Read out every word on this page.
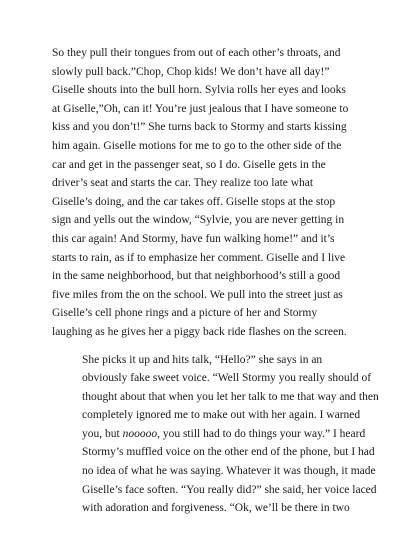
So they pull their tongues from out of each other’s throats, and
slowly pull back.”Chop, Chop kids! We don’t have all day!”
Giselle shouts into the bull horn. Sylvia rolls her eyes and looks
at Giselle,”Oh, can it! You’re just jealous that I have someone to
kiss and you don’t!” She turns back to Stormy and starts kissing
him again. Giselle motions for me to go to the other side of the
car and get in the passenger seat, so I do. Giselle gets in the
driver’s seat and starts the car. They realize too late what
Giselle’s doing, and the car takes off. Giselle stops at the stop
sign and yells out the window, “Sylvie, you are never getting in
this car again! And Stormy, have fun walking home!” and it’s
starts to rain, as if to emphasize her comment. Giselle and I live
in the same neighborhood, but that neighborhood’s still a good
five miles from the on the school. We pull into the street just as
Giselle’s cell phone rings and a picture of her and Stormy
laughing as he gives her a piggy back ride flashes on the screen.

She picks it up and hits talk, “Hello?” she says in an
obviously fake sweet voice. “Well Stormy you really should of
thought about that when you let her talk to me that way and then
completely ignored me to make out with her again. I warned
you, but nooooo, you still had to do things your way.” I heard
Stormy’s muffled voice on the other end of the phone, but I had
no idea of what he was saying. Whatever it was though, it made
Giselle’s face soften. “You really did?” she said, her voice laced
with adoration and forgiveness. “Ok, we’ll be there in two
